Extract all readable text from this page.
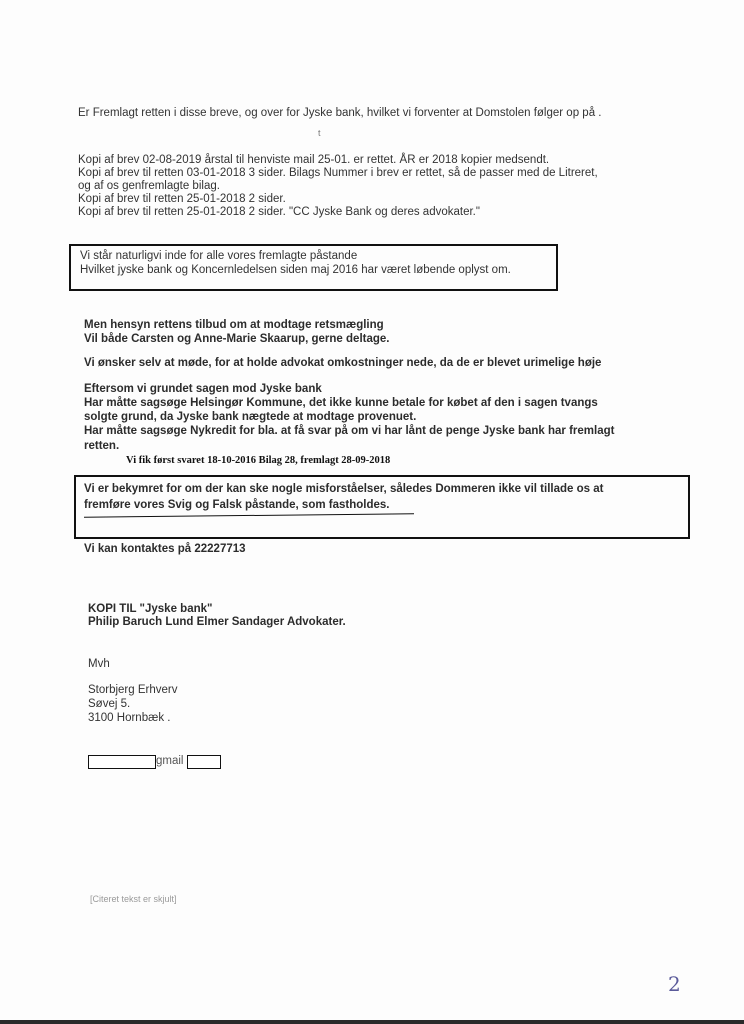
Er Fremlagt retten i disse breve, og over for Jyske bank, hvilket vi forventer at Domstolen følger op på .
t
Kopi af brev 02-08-2019 årstal til henviste mail 25-01. er rettet. ÅR er 2018 kopier medsendt.
Kopi af brev til retten 03-01-2018 3 sider. Bilags Nummer i brev er rettet, så de passer med de Litreret,
og af os genfremlagte bilag.
Kopi af brev til retten 25-01-2018 2 sider.
Kopi af brev til retten 25-01-2018 2 sider. "CC Jyske Bank og deres advokater."
Vi står naturligvi inde for alle vores fremlagte påstande
Hvilket jyske bank og Koncernledelsen siden maj 2016 har været løbende oplyst om.
Men hensyn rettens tilbud om at modtage retsmægling
Vil både Carsten og Anne-Marie Skaarup, gerne deltage.
Vi ønsker selv at møde, for at holde advokat omkostninger nede, da de er blevet urimelige høje
Eftersom vi grundet sagen mod Jyske bank
Har måtte sagsøge Helsingør Kommune, det ikke kunne betale for købet af den i sagen tvangs
solgte grund, da Jyske bank nægtede at modtage provenuet.
Har måtte sagsøge Nykredit for bla. at få svar på om vi har lånt de penge Jyske bank har fremlagt
retten.
Vi fik først svaret 18-10-2016 Bilag 28, fremlagt 28-09-2018
Vi er bekymret for om der kan ske nogle misforståelser, således Dommeren ikke vil tillade os at
fremføre vores Svig og Falsk påstande, som fastholdes.
Vi kan kontaktes på 22227713
KOPI TIL "Jyske bank"
Philip Baruch Lund Elmer Sandager Advokater.
Mvh
Storbjerg Erhverv
Søvej 5.
3100 Hornbæk .
gmail
[Citeret tekst er skjult]
2
